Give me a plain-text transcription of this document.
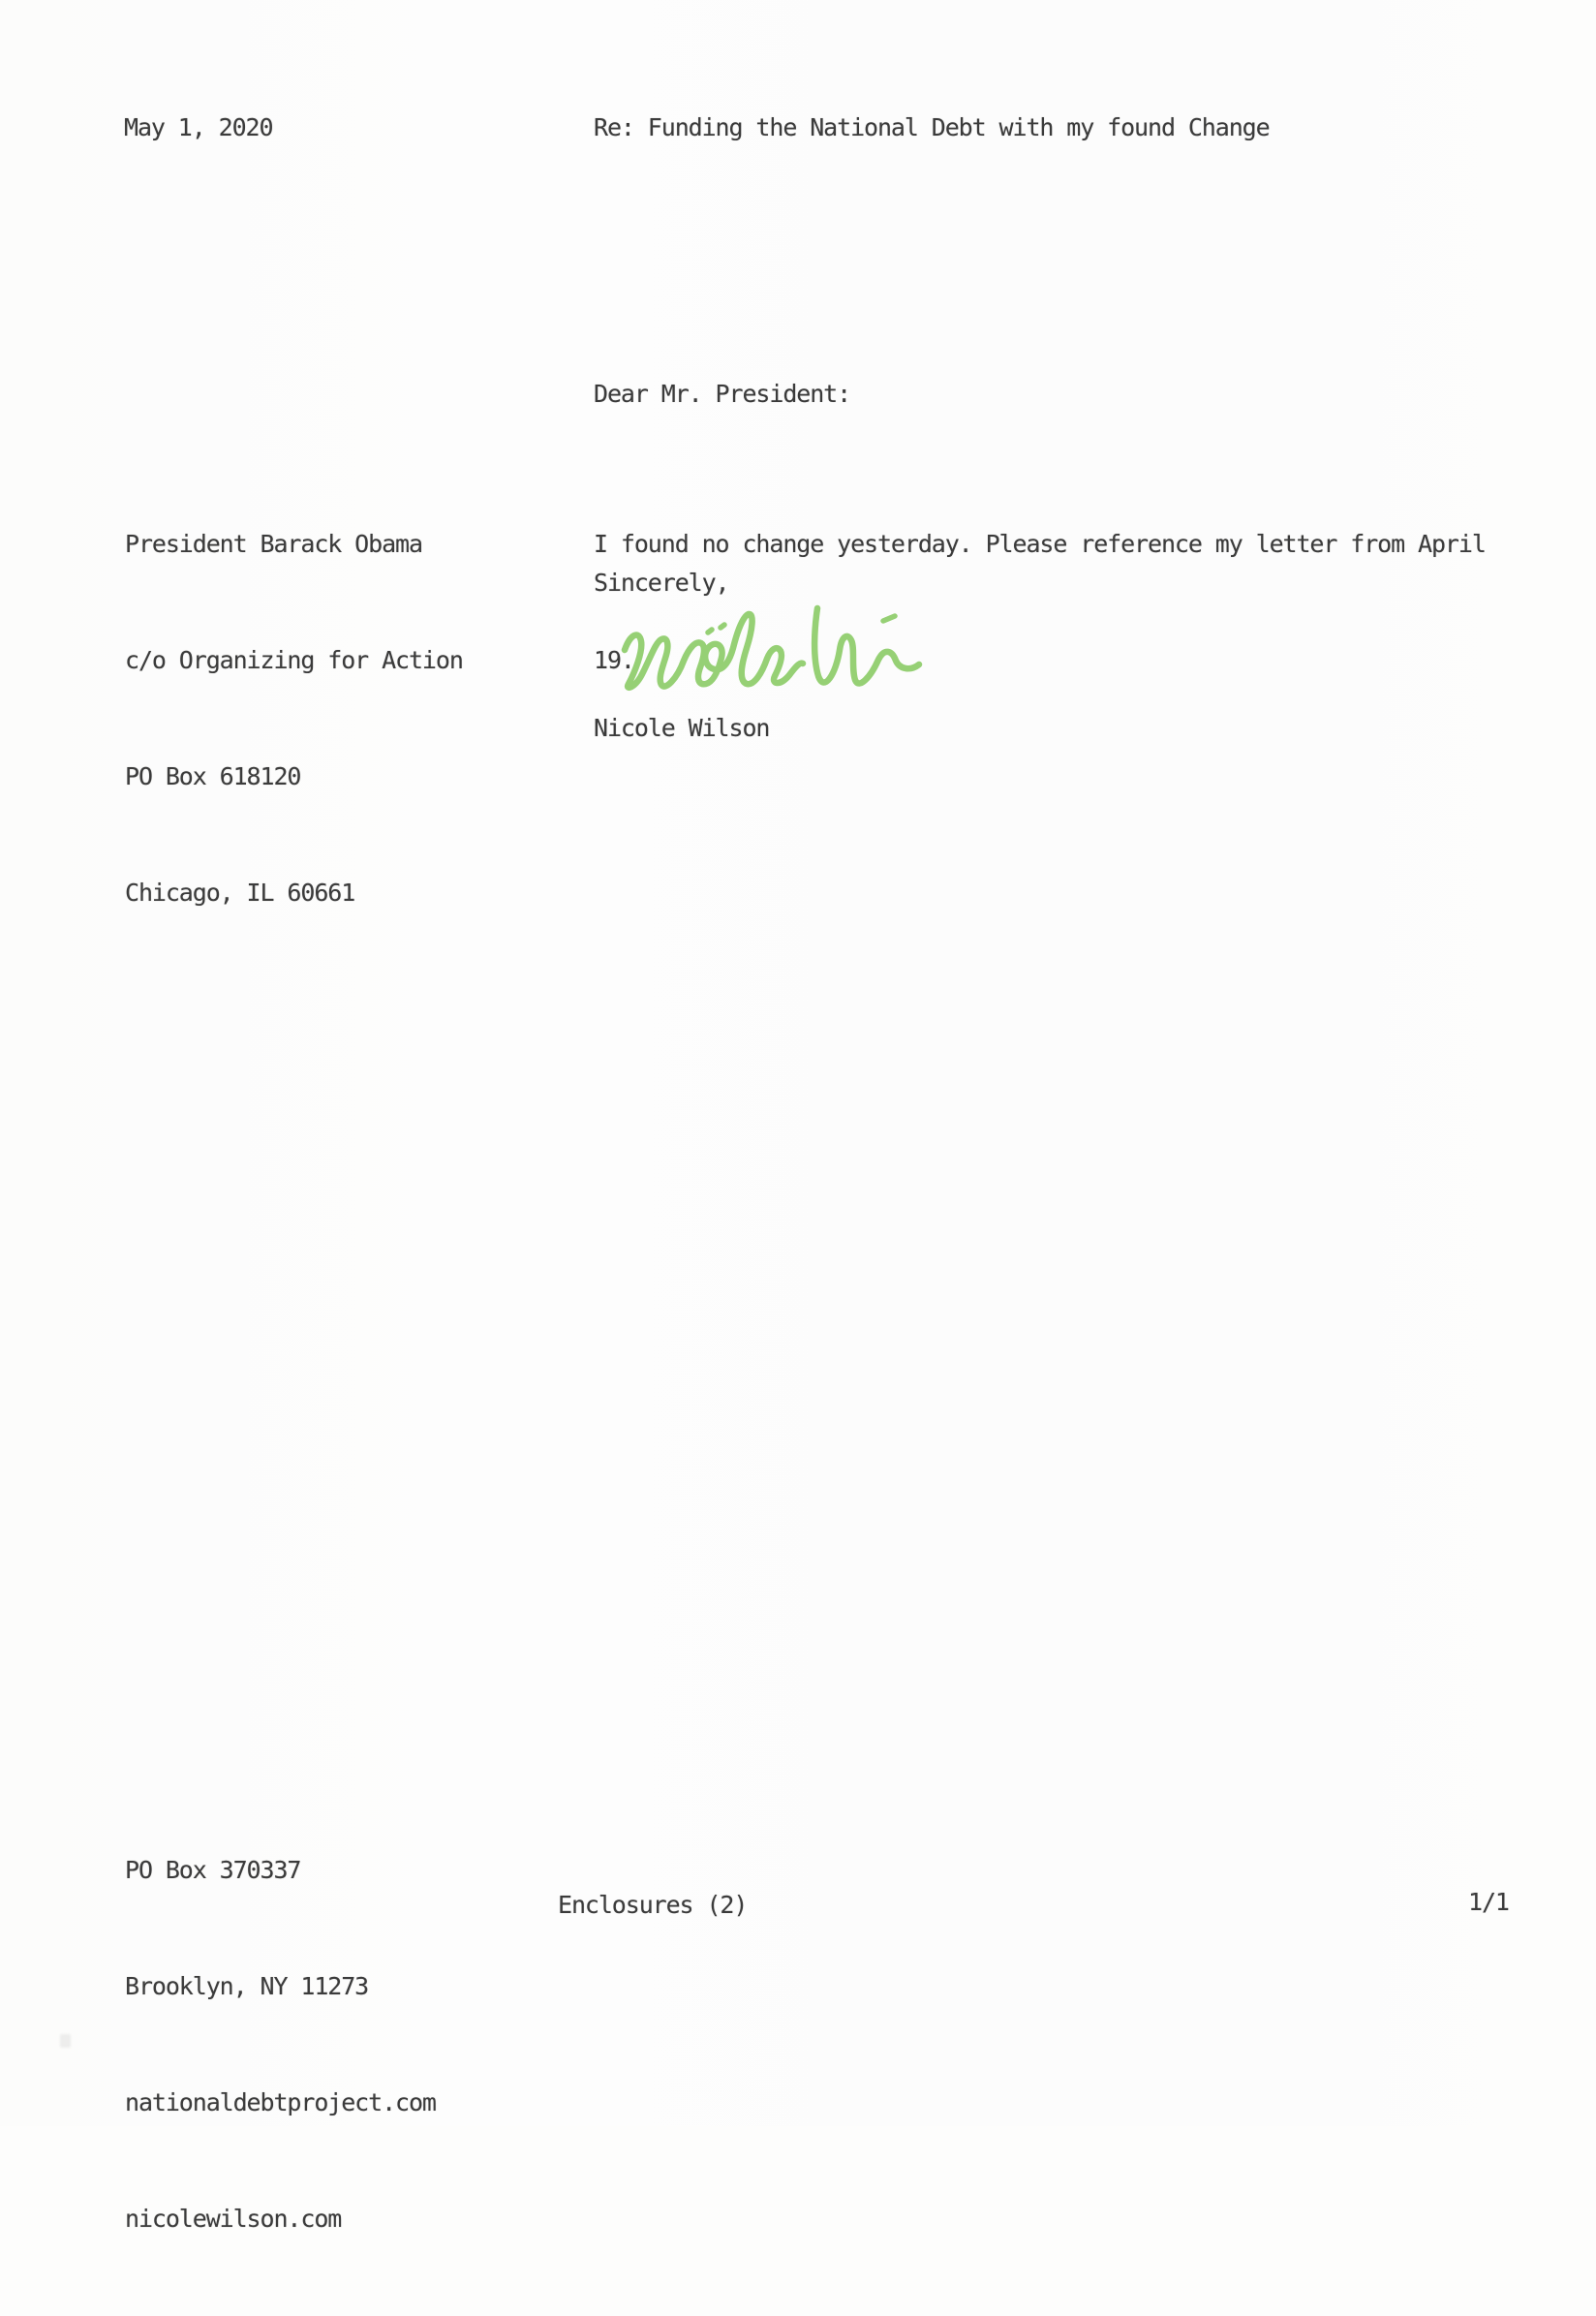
May 1, 2020	Re: Funding the National Debt with my found Change
Dear Mr. President:

President Barack Obama

c/o Organizing for Action

PO Box 618120

Chicago, IL 60661

I found no change yesterday. Please reference my letter from April

19.

Sincerely,
Nicole Wilson

PO Box 370337

Brooklyn, NY 11273

nationaldebtproject.com

nicolewilson.com

Enclosures (2)	1/1
